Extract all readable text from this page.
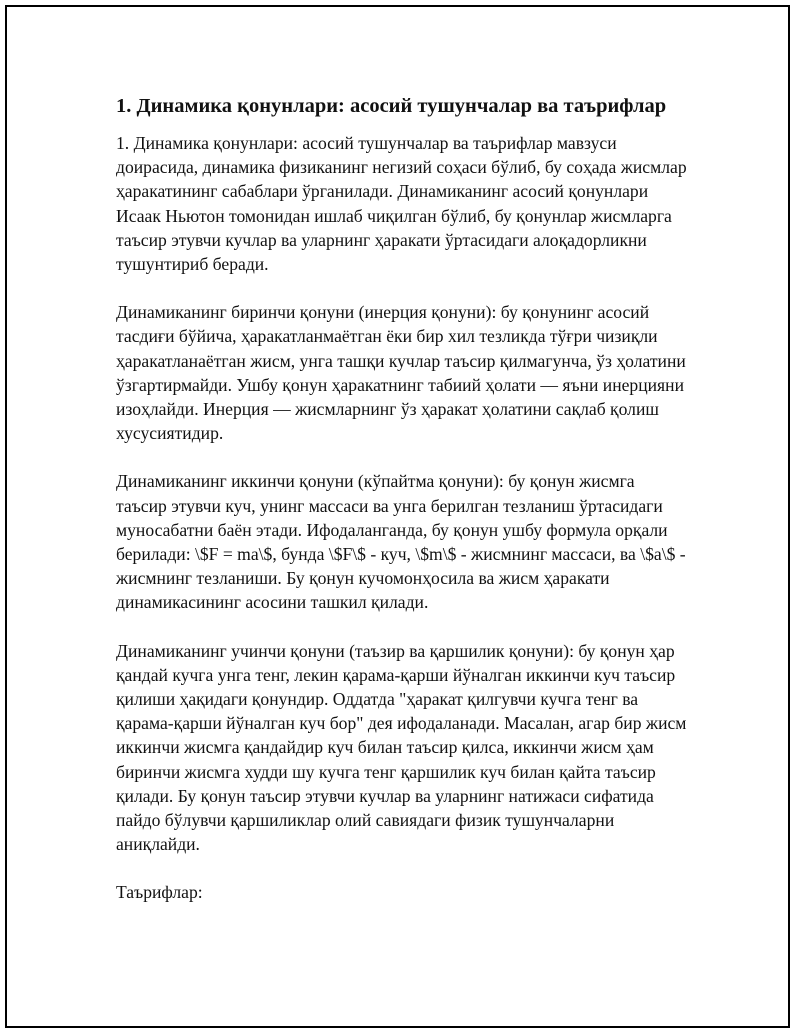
1. Динамика қонунлари: асосий тушунчалар ва таърифлар

1. Динамика қонунлари: асосий тушунчалар ва таърифлар мавзуси доирасида, динамика физиканинг негизий соҳаси бўлиб, бу соҳада жисмлар ҳаракатининг сабаблари ўрганилади. Динамиканинг асосий қонунлари Исаак Ньютон томонидан ишлаб чиқилган бўлиб, бу қонунлар жисмларга таъсир этувчи кучлар ва уларнинг ҳаракати ўртасидаги алоқадорликни тушунтириб беради.

Динамиканинг биринчи қонуни (инерция қонуни): бу қонунинг асосий тасдиғи бўйича, ҳаракатланмаётган ёки бир хил тезликда тўғри чизиқли ҳаракатланаётган жисм, унга ташқи кучлар таъсир қилмагунча, ўз ҳолатини ўзгартирмайди. Ушбу қонун ҳаракатнинг табиий ҳолати — яъни инерцияни изоҳлайди. Инерция — жисмларнинг ўз ҳаракат ҳолатини сақлаб қолиш хусусиятидир.

Динамиканинг иккинчи қонуни (кўпайтма қонуни): бу қонун жисмга таъсир этувчи куч, унинг массаси ва унга берилган тезланиш ўртасидаги муносабатни баён этади. Ифодаланганда, бу қонун ушбу формула орқали берилади: \$F = ma\$, бунда \$F\$ - куч, \$m\$ - жисмнинг массаси, ва \$a\$ - жисмнинг тезланиши. Бу қонун кучомонҳосила ва жисм ҳаракати динамикасининг асосини ташкил қилади.

Динамиканинг учинчи қонуни (таъзир ва қаршилик қонуни): бу қонун ҳар қандай кучга унга тенг, лекин қарама-қарши йўналган иккинчи куч таъсир қилиши ҳақидаги қонундир. Оддатда "ҳаракат қилгувчи кучга тенг ва қарама-қарши йўналган куч бор" дея ифодаланади. Масалан, агар бир жисм иккинчи жисмга қандайдир куч билан таъсир қилса, иккинчи жисм ҳам биринчи жисмга худди шу кучга тенг қаршилик куч билан қайта таъсир қилади. Бу қонун таъсир этувчи кучлар ва уларнинг натижаси сифатида пайдо бўлувчи қаршиликлар олий савиядаги физик тушунчаларни аниқлайди.

Таърифлар:
